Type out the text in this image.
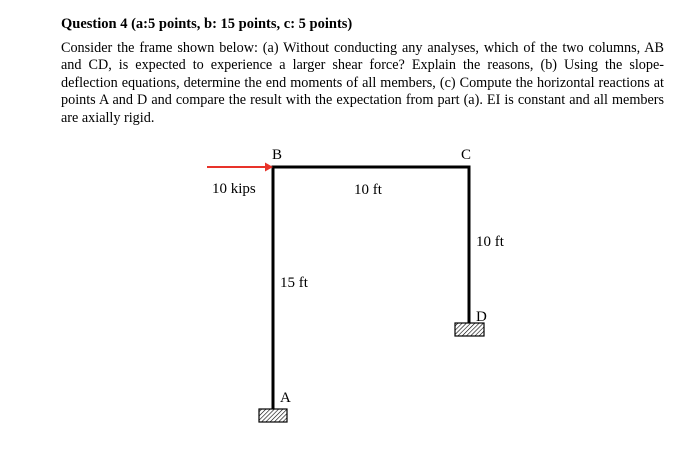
Question 4 (a:5 points, b: 15 points, c: 5 points)
Consider the frame shown below: (a) Without conducting any analyses, which of the two columns, AB and CD, is expected to experience a larger shear force? Explain the reasons, (b) Using the slope-deflection equations, determine the end moments of all members, (c) Compute the horizontal reactions at points A and D and compare the result with the expectation from part (a). EI is constant and all members are axially rigid.
B	C
A
D
10 kips	10 ft
15 ft
10 ft
